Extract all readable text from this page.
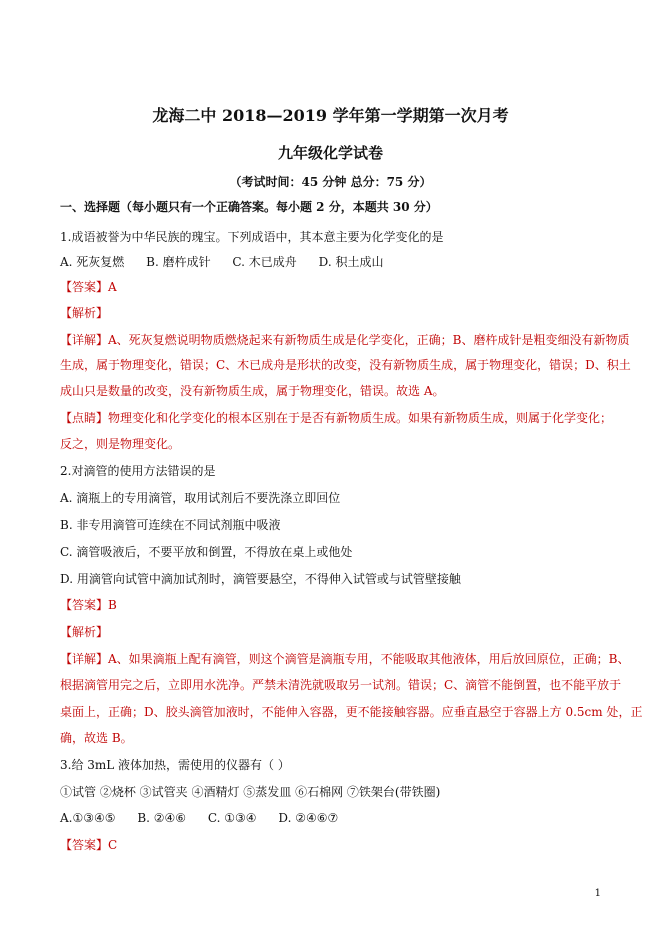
龙海二中 2018—2019 学年第一学期第一次月考
九年级化学试卷
（考试时间：45 分钟 总分：75 分）
一、选择题（每小题只有一个正确答案。每小题 2 分，本题共 30 分）
1.成语被誉为中华民族的瑰宝。下列成语中，其本意主要为化学变化的是
A. 死灰复燃 B. 磨杵成针 C. 木已成舟 D. 积土成山
【答案】A
【解析】
【详解】A、死灰复燃说明物质燃烧起来有新物质生成是化学变化，正确；B、磨杵成针是粗变细没有新物质
生成，属于物理变化，错误；C、木已成舟是形状的改变，没有新物质生成，属于物理变化，错误；D、积土
成山只是数量的改变，没有新物质生成，属于物理变化，错误。故选 A。
【点睛】物理变化和化学变化的根本区别在于是否有新物质生成。如果有新物质生成，则属于化学变化；
反之，则是物理变化。
2.对滴管的使用方法错误的是
A. 滴瓶上的专用滴管，取用试剂后不要洗涤立即回位
B. 非专用滴管可连续在不同试剂瓶中吸液
C. 滴管吸液后，不要平放和倒置，不得放在桌上或他处
D. 用滴管向试管中滴加试剂时，滴管要悬空，不得伸入试管或与试管壁接触
【答案】B
【解析】
【详解】A、如果滴瓶上配有滴管，则这个滴管是滴瓶专用，不能吸取其他液体，用后放回原位，正确；B、
根据滴管用完之后，立即用水洗净。严禁未清洗就吸取另一试剂。错误；C、滴管不能倒置，也不能平放于
桌面上，正确；D、胶头滴管加液时，不能伸入容器，更不能接触容器。应垂直悬空于容器上方 0.5cm 处，正
确，故选 B。
3.给 3mL 液体加热，需使用的仪器有（ ）
①试管 ②烧杯 ③试管夹 ④酒精灯 ⑤蒸发皿 ⑥石棉网 ⑦铁架台(带铁圈)
A.①③④⑤ B. ②④⑥ C. ①③④ D. ②④⑥⑦
【答案】C
1
